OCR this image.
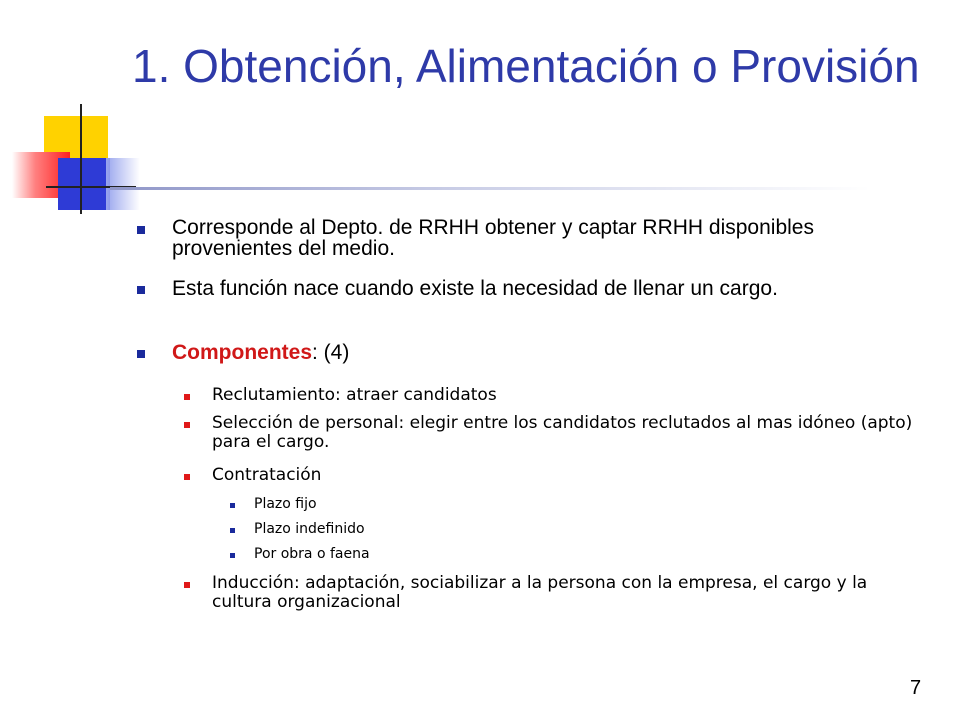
1. Obtención, Alimentación o Provisión
Corresponde al Depto. de RRHH obtener y captar RRHH disponibles provenientes del medio.
Esta función nace cuando existe la necesidad de llenar un cargo.
Componentes: (4)
Reclutamiento: atraer candidatos
Selección de personal: elegir entre los candidatos reclutados al mas idóneo (apto) para el cargo.
Contratación
Plazo fijo
Plazo indefinido
Por obra o faena
Inducción: adaptación, sociabilizar a la persona con la empresa, el cargo y la cultura organizacional
7
